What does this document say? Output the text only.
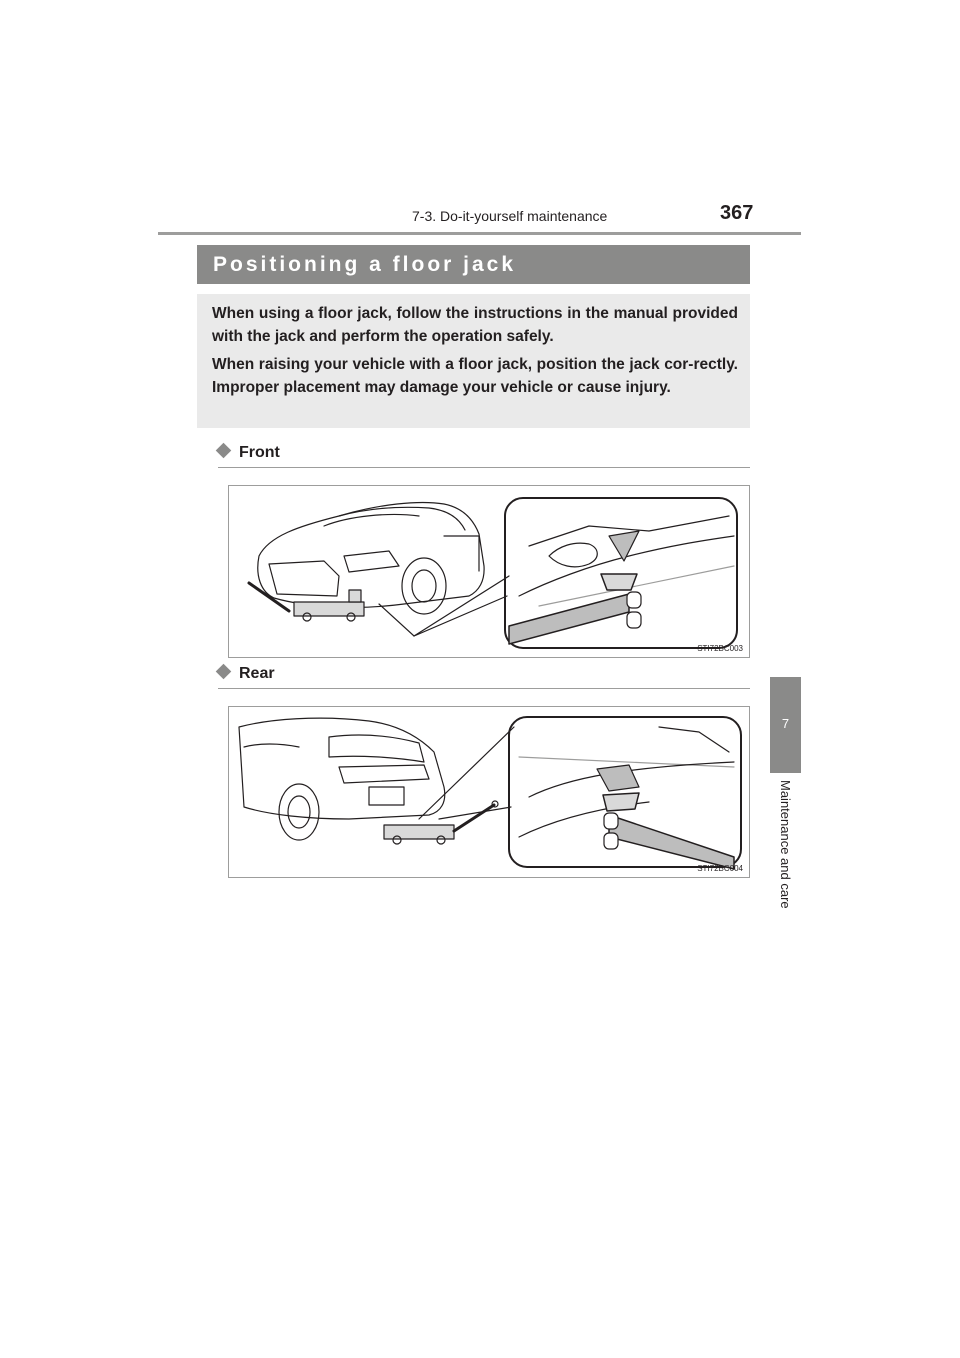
7-3. Do-it-yourself maintenance	367
7
Maintenance and care
Positioning a floor jack

When using a floor jack, follow the instructions in the manual provided with the jack and perform the operation safely.

When raising your vehicle with a floor jack, position the jack cor-rectly. Improper placement may damage your vehicle or cause injury.

Front
STI72BC003
Rear
STI72BC004
